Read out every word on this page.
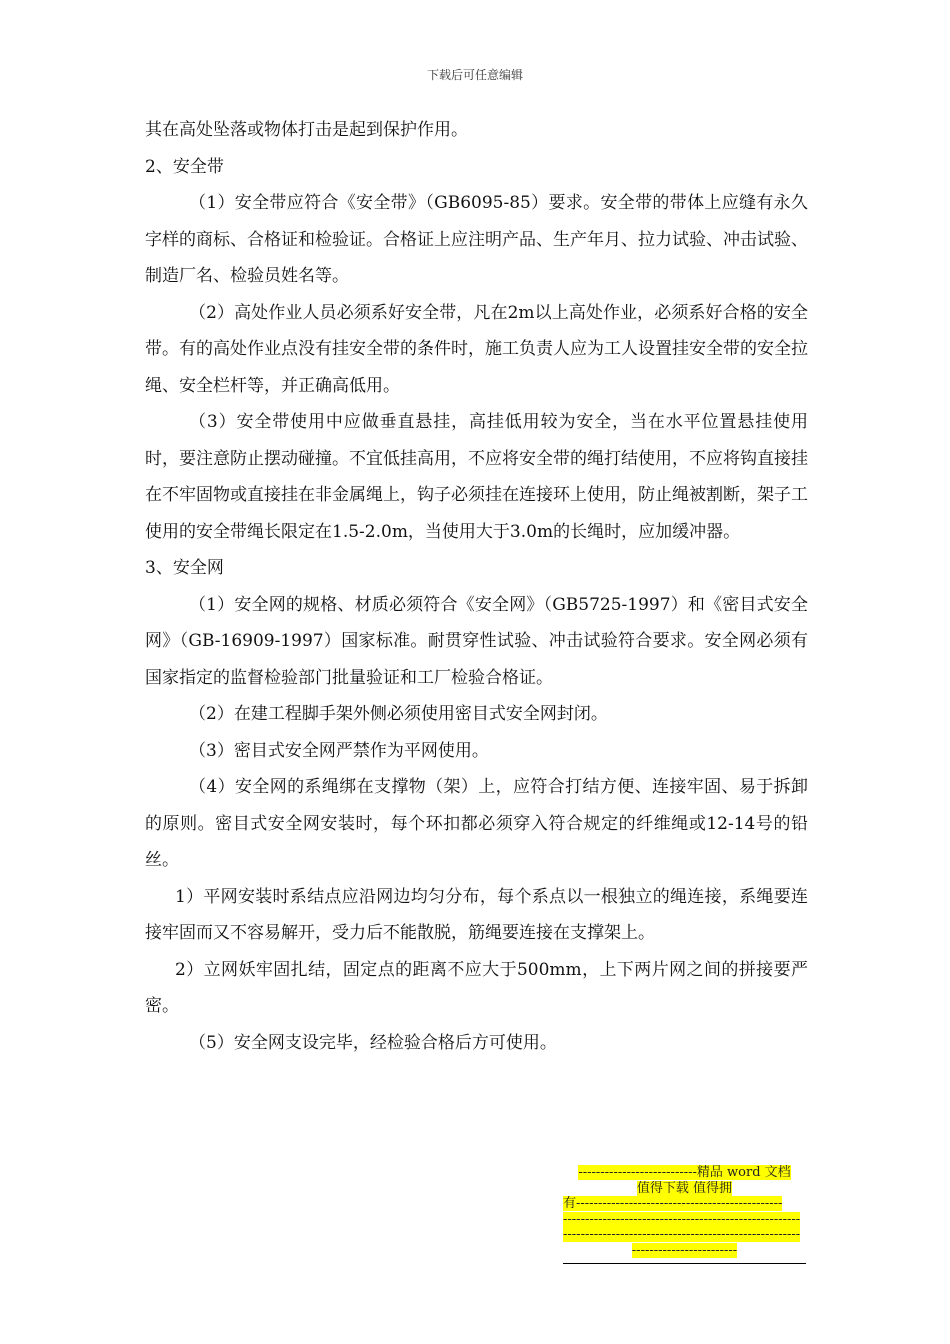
下载后可任意编辑

其在高处坠落或物体打击是起到保护作用。

2、安全带

（1）安全带应符合《安全带》（GB6095-85）要求。安全带的带体上应缝有永久字样的商标、合格证和检验证。合格证上应注明产品、生产年月、拉力试验、冲击试验、制造厂名、检验员姓名等。

（2）高处作业人员必须系好安全带，凡在2m以上高处作业，必须系好合格的安全带。有的高处作业点没有挂安全带的条件时，施工负责人应为工人设置挂安全带的安全拉绳、安全栏杆等，并正确高低用。

（3）安全带使用中应做垂直悬挂，高挂低用较为安全，当在水平位置悬挂使用时，要注意防止摆动碰撞。不宜低挂高用，不应将安全带的绳打结使用，不应将钩直接挂在不牢固物或直接挂在非金属绳上，钩子必须挂在连接环上使用，防止绳被割断，架子工使用的安全带绳长限定在1.5-2.0m，当使用大于3.0m的长绳时，应加缓冲器。

3、安全网

（1）安全网的规格、材质必须符合《安全网》（GB5725-1997）和《密目式安全网》（GB-16909-1997）国家标准。耐贯穿性试验、冲击试验符合要求。安全网必须有国家指定的监督检验部门批量验证和工厂检验合格证。

（2）在建工程脚手架外侧必须使用密目式安全网封闭。

（3）密目式安全网严禁作为平网使用。

（4）安全网的系绳绑在支撑物（架）上，应符合打结方便、连接牢固、易于拆卸的原则。密目式安全网安装时，每个环扣都必须穿入符合规定的纤维绳或12-14号的铅丝。

1）平网安装时系结点应沿网边均匀分布，每个系点以一根独立的绳连接，系绳要连接牢固而又不容易解开，受力后不能散脱，筋绳要连接在支撑架上。

2）立网妖牢固扎结，固定点的距离不应大于500mm，上下两片网之间的拼接要严密。

（5）安全网支设完毕，经检验合格后方可使用。

---------------------------精品 word 文档
值得下载 值得拥
有-----------------------------------------------
------------------------------------------------------
------------------------------------------------------
------------------------
